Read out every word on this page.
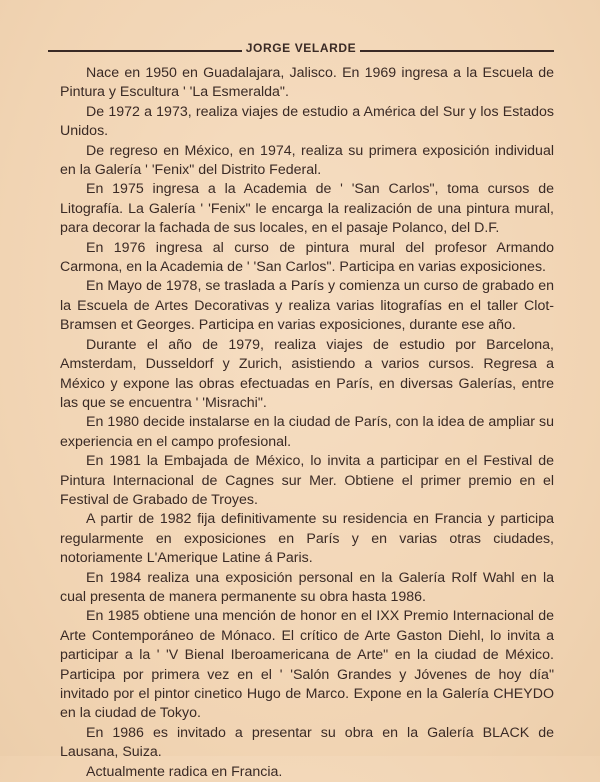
JORGE VELARDE

Nace en 1950 en Guadalajara, Jalisco. En 1969 ingresa a la Escuela de Pintura y Escultura ' 'La Esmeralda".

De 1972 a 1973, realiza viajes de estudio a América del Sur y los Estados Unidos.

De regreso en México, en 1974, realiza su primera exposición individual en la Galería ' 'Fenix" del Distrito Federal.

En 1975 ingresa a la Academia de ' 'San Carlos", toma cursos de Litografía. La Galería ' 'Fenix" le encarga la realización de una pintura mural, para decorar la fachada de sus locales, en el pasaje Polanco, del D.F.

En 1976 ingresa al curso de pintura mural del profesor Armando Carmona, en la Academia de ' 'San Carlos". Participa en varias exposiciones.

En Mayo de 1978, se traslada a París y comienza un curso de grabado en la Escuela de Artes Decorativas y realiza varias litografías en el taller Clot-Bramsen et Georges. Participa en varias exposiciones, durante ese año.

Durante el año de 1979, realiza viajes de estudio por Barcelona, Amsterdam, Dusseldorf y Zurich, asistiendo a varios cursos. Regresa a México y expone las obras efectuadas en París, en diversas Galerías, entre las que se encuentra ' 'Misrachi".

En 1980 decide instalarse en la ciudad de París, con la idea de ampliar su experiencia en el campo profesional.

En 1981 la Embajada de México, lo invita a participar en el Festival de Pintura Internacional de Cagnes sur Mer. Obtiene el primer premio en el Festival de Grabado de Troyes.

A partir de 1982 fija definitivamente su residencia en Francia y participa regularmente en exposiciones en París y en varias otras ciudades, notoriamente L'Amerique Latine á Paris.

En 1984 realiza una exposición personal en la Galería Rolf Wahl en la cual presenta de manera permanente su obra hasta 1986.

En 1985 obtiene una mención de honor en el IXX Premio Internacional de Arte Contemporáneo de Mónaco. El crítico de Arte Gaston Diehl, lo invita a participar a la ' 'V Bienal Iberoamericana de Arte" en la ciudad de México. Participa por primera vez en el ' 'Salón Grandes y Jóvenes de hoy día" invitado por el pintor cinetico Hugo de Marco. Expone en la Galería CHEYDO en la ciudad de Tokyo.

En 1986 es invitado a presentar su obra en la Galería BLACK de Lausana, Suiza.

Actualmente radica en Francia.
